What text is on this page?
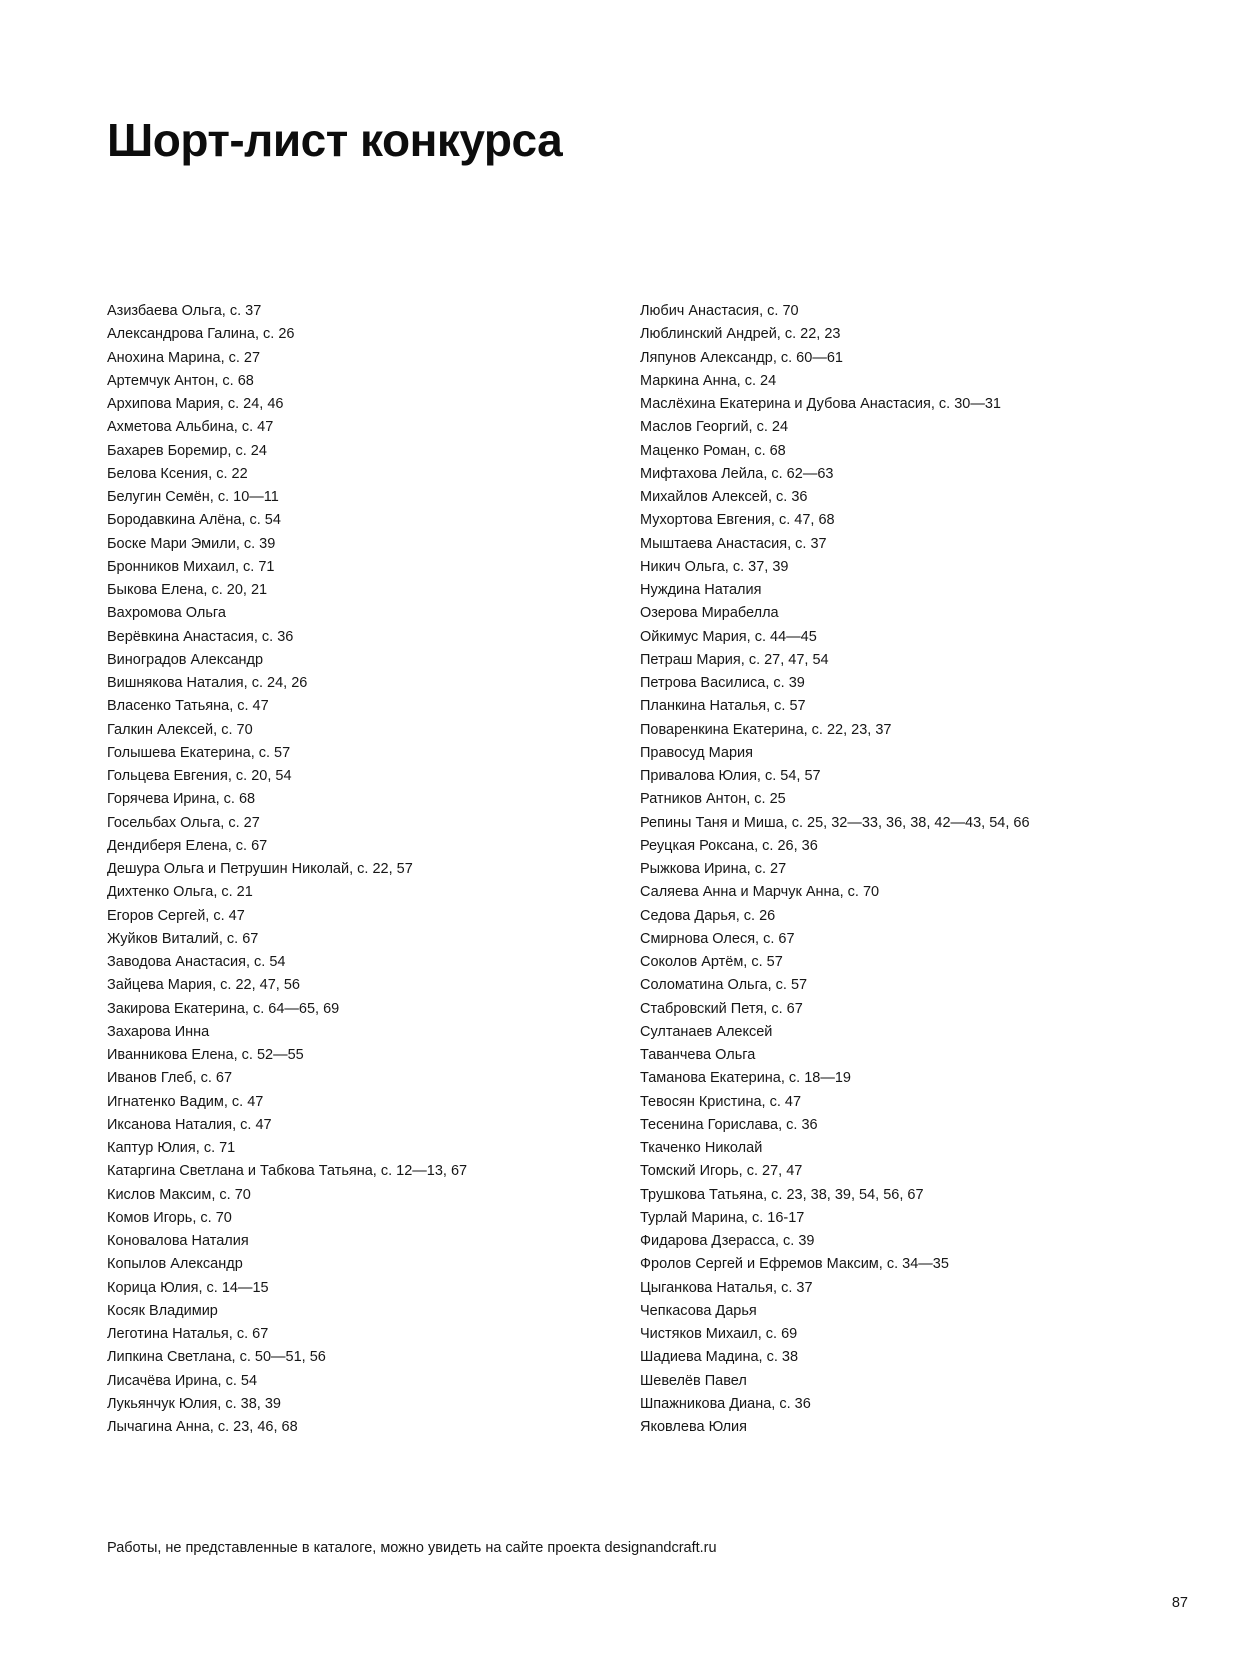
Шорт-лист конкурса
Азизбаева Ольга, с. 37
Александрова Галина, с. 26
Анохина Марина, с. 27
Артемчук Антон, с. 68
Архипова Мария, с. 24, 46
Ахметова Альбина, с. 47
Бахарев Боремир, с. 24
Белова Ксения, с. 22
Белугин Семён, с. 10—11
Бородавкина Алёна, с. 54
Боске Мари Эмили, с. 39
Бронников Михаил, с. 71
Быкова Елена, с. 20, 21
Вахромова Ольга
Верёвкина Анастасия, с. 36
Виноградов Александр
Вишнякова Наталия, с. 24, 26
Власенко Татьяна, с. 47
Галкин Алексей, с. 70
Голышева Екатерина, с. 57
Гольцева Евгения, с. 20, 54
Горячева Ирина, с. 68
Госельбах Ольга, с. 27
Дендиберя Елена, с. 67
Дешура Ольга и Петрушин Николай, с. 22, 57
Дихтенко Ольга, с. 21
Егоров Сергей, с. 47
Жуйков Виталий, с. 67
Заводова Анастасия, с. 54
Зайцева Мария, с. 22, 47, 56
Закирова Екатерина, с. 64—65, 69
Захарова Инна
Иванникова Елена, с. 52—55
Иванов Глеб, с. 67
Игнатенко Вадим, с. 47
Иксанова Наталия, с. 47
Каптур Юлия, с. 71
Катаргина Светлана и Табкова Татьяна, с. 12—13, 67
Кислов Максим, с. 70
Комов Игорь, с. 70
Коновалова Наталия
Копылов Александр
Корица Юлия, с. 14—15
Косяк Владимир
Леготина Наталья, с. 67
Липкина Светлана, с. 50—51, 56
Лисачёва Ирина, с. 54
Лукьянчук Юлия, с. 38, 39
Лычагина Анна, с. 23, 46, 68
Любич Анастасия, с. 70
Люблинский Андрей, с. 22, 23
Ляпунов Александр, с. 60—61
Маркина Анна, с. 24
Маслёхина Екатерина и Дубова Анастасия, с. 30—31
Маслов Георгий, с. 24
Маценко Роман, с. 68
Мифтахова Лейла, с. 62—63
Михайлов Алексей, с. 36
Мухортова Евгения, с. 47, 68
Мыштаева Анастасия, с. 37
Никич Ольга, с. 37, 39
Нуждина Наталия
Озерова Мирабелла
Ойкимус Мария, с. 44—45
Петраш Мария, с. 27, 47, 54
Петрова Василиса, с. 39
Планкина Наталья, с. 57
Поваренкина Екатерина, с. 22, 23, 37
Правосуд Мария
Привалова Юлия, с. 54, 57
Ратников Антон, с. 25
Репины Таня и Миша, с. 25, 32—33, 36, 38, 42—43, 54, 66
Реуцкая Роксана, с. 26, 36
Рыжкова Ирина, с. 27
Саляева Анна и Марчук Анна, с. 70
Седова Дарья, с. 26
Смирнова Олеся, с. 67
Соколов Артём, с. 57
Соломатина Ольга, с. 57
Стабровский Петя, с. 67
Султанаев Алексей
Таванчева Ольга
Таманова Екатерина, с. 18—19
Тевосян Кристина, с. 47
Тесенина Горислава, с. 36
Ткаченко Николай
Томский Игорь, с. 27, 47
Трушкова Татьяна, с. 23, 38, 39, 54, 56, 67
Турлай Марина, с. 16-17
Фидарова Дзерасса, с. 39
Фролов Сергей и Ефремов Максим, с. 34—35
Цыганкова Наталья, с. 37
Чепкасова Дарья
Чистяков Михаил, с. 69
Шадиева Мадина, с. 38
Шевелёв Павел
Шпажникова Диана, с. 36
Яковлева Юлия

Работы, не представленные в каталоге, можно увидеть на сайте проекта designandcraft.ru

87
